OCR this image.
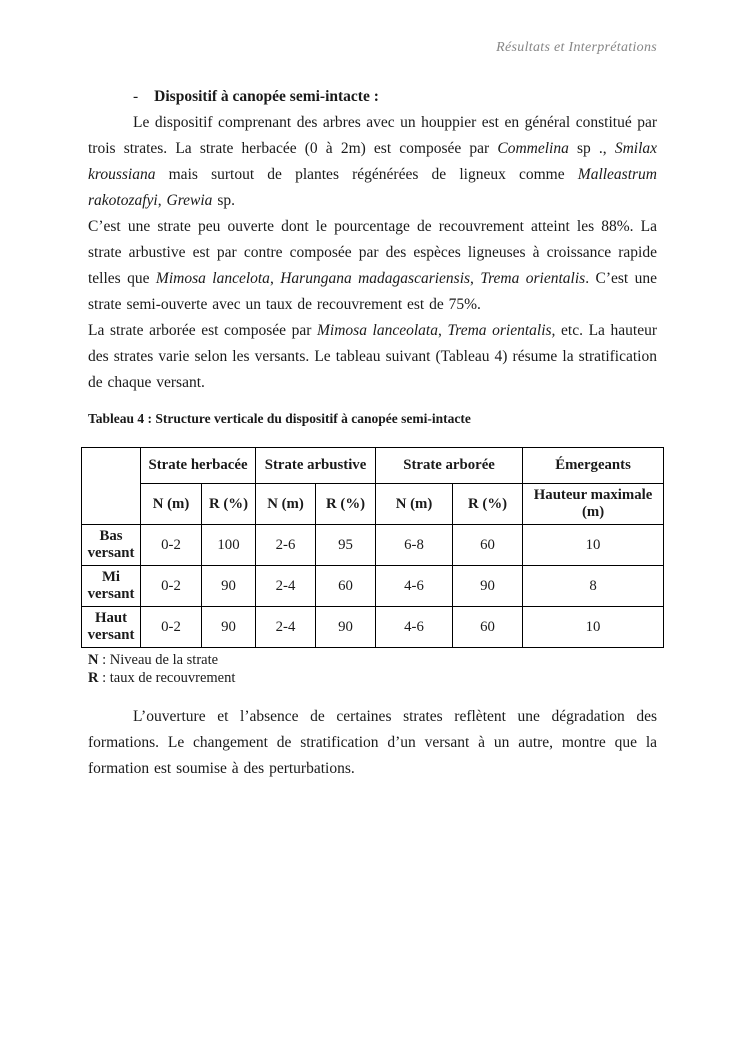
Résultats et Interprétations
- Dispositif à canopée semi-intacte :

Le dispositif comprenant des arbres avec un houppier est en général constitué par trois strates. La strate herbacée (0 à 2m) est composée par Commelina sp ., Smilax kroussiana mais surtout de plantes régénérées de ligneux comme Malleastrum rakotozafyi, Grewia sp.

C’est une strate peu ouverte dont le pourcentage de recouvrement atteint les 88%. La strate arbustive est par contre composée par des espèces ligneuses à croissance rapide telles que Mimosa lancelota, Harungana madagascariensis, Trema orientalis. C’est une strate semi-ouverte avec un taux de recouvrement est de 75%.

La strate arborée est composée par Mimosa lanceolata, Trema orientalis, etc. La hauteur des strates varie selon les versants. Le tableau suivant (Tableau 4) résume la stratification de chaque versant.

Tableau 4 : Structure verticale du dispositif à canopée semi-intacte
	Strate herbacée		Strate arbustive		Strate arborée		Émergeants
	N (m)	R (%)	N (m)	R (%)	N (m)	R (%)	Hauteur maximale (m)
Bas versant	0-2	100	2-6	95	6-8	60	10
Mi versant	0-2	90	2-4	60	4-6	90	8
Haut versant	0-2	90	2-4	90	4-6	60	10
N : Niveau de la strate
R : taux de recouvrement

L’ouverture et l’absence de certaines strates reflètent une dégradation des formations. Le changement de stratification d’un versant à un autre, montre que la formation est soumise à des perturbations.
